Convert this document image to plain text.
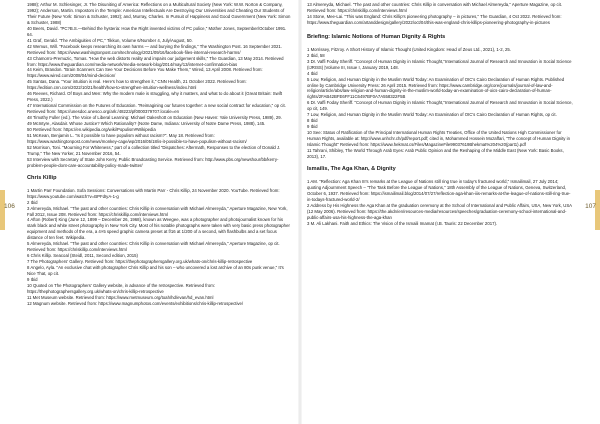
106	107

1988); Arthur M. Schlesinger, Jr. The Disuniting of America: Reflections on a Multicultural Society (New York: W.W. Norton & Company, 1992); Anderson, Martin. Impostors in the Temple: American Intellectuals Are Destroying Our Universities and Cheating Our Students of Their Future (New York: Simon & Schuster, 1992); and, Murray, Charles. In Pursuit of Happiness and Good Government (New York: Simon & Schuster, 1988)

40 Beers, David. "PC?B.S.—Behind the hysteria: How the Right invented victims of PC police," Mother Jones, September/October 1991. 64.

41 Graf, Gerald. "The Ambiguities of PC," Tikkun, Volume 6/Number 4, July/August, 50.

42 Wemus, Will. "Facebook keeps researching its own harms — and burying the findings," The Washington Post. 16 September 2021. Retrieved from: https://www.washingtonpost.com/technology/2021/09/16/facebook-files-internal-research-harms/

43 Chamorro-Premuzic, Tomas. "How the web distorts reality and impairs our judgement skills," The Guardian, 13 May 2014. Retrieved from: https://www.theguardian.com/media-network/media-network-blog/2014/may/13/internet-confirmation-bias

44 Keim, Brandon. "Brain Scanners Can See Your Decisions Before You Make Them," Wired, 13 April 2008. Retrieved from: https://www.wired.com/2008/04/mind-decision/

45 Santas, Dana. "Your intuition is real. Here's how to strengthen it," CNN Health, 21 October 2022. Retrieved from: https://edition.cnn.com/2022/10/21/health/how-to-strengthen-intuition-wellness/index.html

46 Reeves, Richard. Of Boys and Men: Why the modern male is struggling, why it matters, and what to do about it (Great Britain: Swift Press, 2022.)

47 International Commission on the Futures of Education. "Reimagining our futures together: a new social contract for education," op cit. Retrieved from: https://unesdoc.unesco.org/ark:/48223/pf0000379707.locale=en

48 Timothy Fuller (ed.). The Voice of Liberal Learning: Michael Oakeshott on Education (New Haven: Yale University Press, 1989), 29.

49 McIntyre, Alasdair. Whose Justice? Which Rationality? (Notre Dame, Indiana: University of Notre Dame Press, 1988), 145.

50 Retrieved from: https://en.wikipedia.org/wiki/Populism#Wikipedia

51 McKean, Benjamin L. "Is it possible to have populism without racism?". May 18. Retrieved from: https://www.washingtonpost.com/news/monkey-cage/wp/2016/05/18/is-it-possible-to-have-populism-without-racism/

52 Morrison, Toni. "Mourning For Whiteness," part of a collection titled "Dispatches: Aftermath, Responses to the election of Donald J. Trump," The New Yorker, 21 November 2016, 54.

53 Interview with Secretary of State John Kerry, Public Broadcasting Service. Retrieved from: http://www.pbs.org/newshour/bb/kerry-problem-people-dont-care-accountability-policy-made-twitter/

Chris Killip

1 Martin Parr Foundation. Sofa Sessions: Conversations with Martin Parr - Chris Killip, 24 November 2020. YouTube. Retrieved from: https://www.youtube.com/watch?v=BPFdIyA-1-g

2 Ibid

3 Almereyda, Michael. "The past and other countries: Chris Killip in conversation with Michael Almereyda," Aperture Magazine, New York, Fall 2012, Issue 208. Retrieved from: https://chriskillip.com/interviews.html

4 Afton (Robert) King (June 12, 1899 – December 26, 1968), known as Weegee, was a photographer and photojournalist known for his stark black and white street photography in New York City. Most of his notable photographs were taken with very basic press photographer equipment and methods of the era, a 4×5 speed graphic camera preset at f/16 at 1/200 of a second, with flashbulbs and a set focus distance of ten feet. Wikipedia.

5 Almereyda, Michael. "The past and other countries: Chris Killip in conversation with Michael Almereyda," Aperture Magazine, op cit. Retrieved from: https://chriskillip.com/interviews.html

6 Chris Killip. Seacoal (Steidl, 2011, Second edition, 2015)

7 The Photographers' Gallery. Retrieved from: https://thephotographersgallery.org.uk/whats-on/chris-killip-retrospective

8 Angelo, Ayla. "An exclusive chat with photographer Chris Killip and his son – who uncovered a lost archive of an 80s punk venue," It's Nice That, op cit.

9 Ibid

10 Quoted on The Photographers' Gallery website, in advance of the retrospective. Retrieved from: https://thephotographersgallery.org.uk/whats-on/chris-killip-retrospective

11 Met Museum website. Retrieved from: https://www.metmuseum.org/toah/hd/evan/hd_evan.html

12 Magnum website. Retrieved from: https://www.magnumphotos.com/events/exhibitions/chris-killip-retrospective/

13 Almereyda, Michael. "The past and other countries: Chris Killip in conversation with Michael Almereyda," Aperture Magazine, op cit. Retrieved from: https://chriskillip.com/interviews.html

14 Stone, Mee-Lai. "This was England: Chris Killip's pioneering photography – in pictures," The Guardian, 4 Oct 2022. Retrieved from: https://www.theguardian.com/artanddesign/gallery/2022/oct/04/this-was-england-chris-killips-pioneering-photography-in-pictures

Briefing: Islamic Notions of Human Dignity & Rights

1 Morrissey, Fitzroy. A Short History of Islamic Thought (United Kingdom: Head of Zeus Ltd., 2021), 1-2, 25.

2 Ibid, 58

3 Dr. Vaffi Foday Sheriff. "Concept of Human Dignity in Islamic Thought,"International Journal of Research and Innovation in Social Science (IJRISS) |Volume III, Issue I, January 2019, 148.

4 Ibid

5 Low, Religion, and Human Dignity in the Muslim World Today: An Examination of OIC's Cairo Declaration of Human Rights. Published online by Cambridge University Press: 26 April 2015. Retrieved from: https://www.cambridge.org/core/journals/journal-of-law-and-religion/article/abs/law-religion-and-human-dignity-in-the-muslim-world-today-an-examination-of-oics-cairo-declaration-of-human-rights/2FAB42BFE6FF11C6497BF0A7A558322F5B

6 Dr. Vaffi Foday Sheriff. "Concept of Human Dignity in Islamic Thought,"International Journal of Research and Innovation in Social Science, op cit, 149.

7 Low, Religion, and Human Dignity in the Muslim World Today: An Examination of OIC's Cairo Declaration of Human Rights, op cit.

8 Ibid

9 Ibid

10 See: Status of Ratification of the Principal International Human Rights Treaties, Office of the United Nations High Commissioner for Human Rights, available at: http://www.unhchr.ch/pdf/report.pdf; cited in, Mohammed Hossein Mozaffari, "The concept of Human Dignity in Islamic Thought" Retrieved from: https://www.hekmat.cs/Files/MagazineFile99037619Bhekmat%204%20(part1).pdf

11 Tahrani, Shibley, The World Through Arab Eyes: Arab Public Opinion and the Reshaping of the Middle East (New York: Basic Books, 2013), 17.

Ismailis, The Aga Khan, & Dignity

1 AM. "Reflection: Aga Khan III's remarks at the League of Nations still ring true in today's fractured world," Ismailimail, 27 July 2014; quoting Adjournment Speech – "The Task Before the League of Nations," 18th Assembly of the League of Nations, Geneva, Switzerland, October 6, 1937. Retrieved from: https://ismailimail.blog/2014/07/27/reflection-aga-khan-iiis-remarks-at-the-league-of-nations-still-ring-true-in-todays-fractured-world-2/

2 Address by His Highness the Aga Khan at the graduation ceremony at the School of International and Public Affairs, USA, New York, USA (12 May 2006). Retrieved from: https://the.akdn/en/resources-media/resources/speeches/graduation-ceremony-school-international-and-public-affairs-usa-his-highness-the-aga-khan

3 M. Ali Lakhani. Faith and Ethics: The Vision of the Ismaili Imamat (I.B. Tauris: 22 December 2017).
